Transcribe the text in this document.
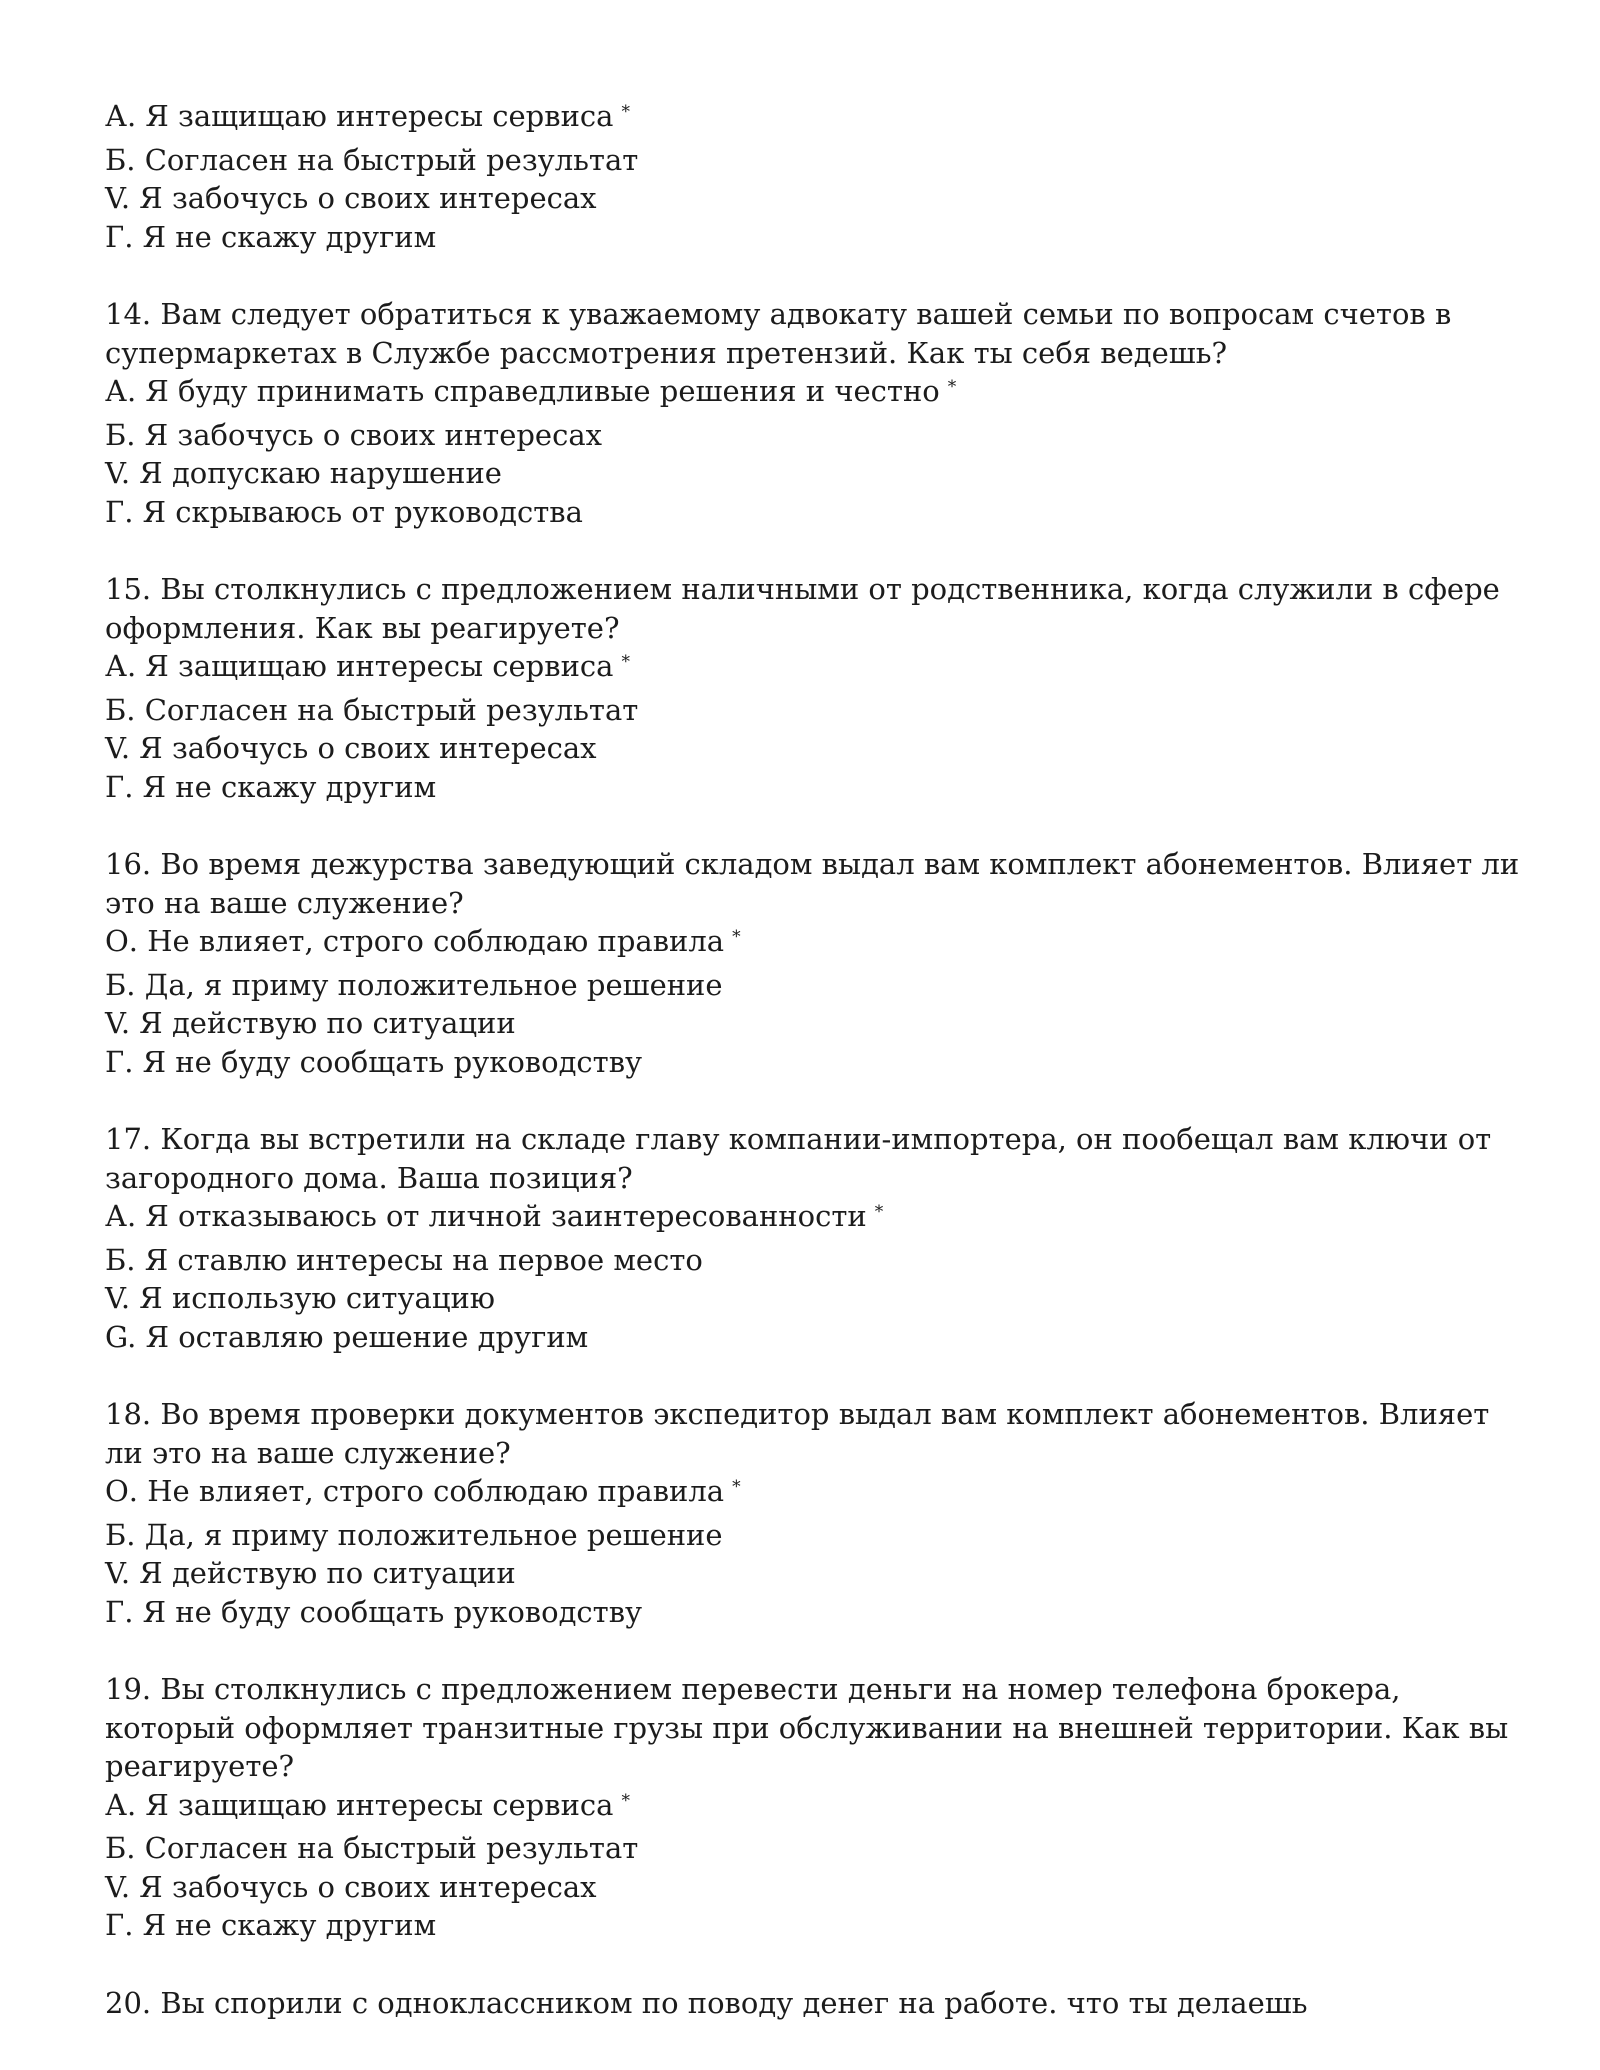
А. Я защищаю интересы сервиса *
Б. Согласен на быстрый результат
V. Я забочусь о своих интересах
Г. Я не скажу другим
14. Вам следует обратиться к уважаемому адвокату вашей семьи по вопросам счетов в супермаркетах в Службе рассмотрения претензий. Как ты себя ведешь?
А. Я буду принимать справедливые решения и честно *
Б. Я забочусь о своих интересах
V. Я допускаю нарушение
Г. Я скрываюсь от руководства
15. Вы столкнулись с предложением наличными от родственника, когда служили в сфере оформления. Как вы реагируете?
А. Я защищаю интересы сервиса *
Б. Согласен на быстрый результат
V. Я забочусь о своих интересах
Г. Я не скажу другим
16. Во время дежурства заведующий складом выдал вам комплект абонементов. Влияет ли это на ваше служение?
О. Не влияет, строго соблюдаю правила *
Б. Да, я приму положительное решение
V. Я действую по ситуации
Г. Я не буду сообщать руководству
17. Когда вы встретили на складе главу компании-импортера, он пообещал вам ключи от загородного дома. Ваша позиция?
А. Я отказываюсь от личной заинтересованности *
Б. Я ставлю интересы на первое место
V. Я использую ситуацию
G. Я оставляю решение другим
18. Во время проверки документов экспедитор выдал вам комплект абонементов. Влияет ли это на ваше служение?
О. Не влияет, строго соблюдаю правила *
Б. Да, я приму положительное решение
V. Я действую по ситуации
Г. Я не буду сообщать руководству
19. Вы столкнулись с предложением перевести деньги на номер телефона брокера, который оформляет транзитные грузы при обслуживании на внешней территории. Как вы реагируете?
А. Я защищаю интересы сервиса *
Б. Согласен на быстрый результат
V. Я забочусь о своих интересах
Г. Я не скажу другим
20. Вы спорили с одноклассником по поводу денег на работе. что ты делаешь
